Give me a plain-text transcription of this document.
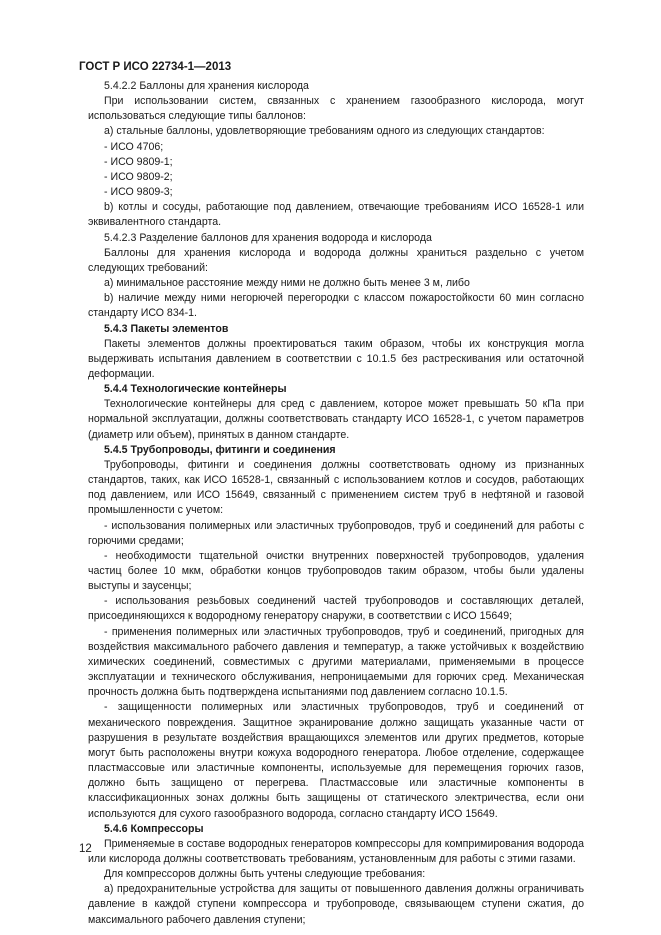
ГОСТ Р ИСО 22734-1—2013

5.4.2.2 Баллоны для хранения кислорода

При использовании систем, связанных с хранением газообразного кислорода, могут использоваться следующие типы баллонов:

а) стальные баллоны, удовлетворяющие требованиям одного из следующих стандартов:

- ИСО 4706;

- ИСО 9809-1;

- ИСО 9809-2;

- ИСО 9809-3;

b) котлы и сосуды, работающие под давлением, отвечающие требованиям ИСО 16528-1 или эквивалентного стандарта.

5.4.2.3 Разделение баллонов для хранения водорода и кислорода

Баллоны для хранения кислорода и водорода должны храниться раздельно с учетом следующих требований:

а) минимальное расстояние между ними не должно быть менее 3 м, либо

b) наличие между ними негорючей перегородки с классом пожаростойкости 60 мин согласно стандарту ИСО 834-1.

5.4.3 Пакеты элементов

Пакеты элементов должны проектироваться таким образом, чтобы их конструкция могла выдерживать испытания давлением в соответствии с 10.1.5 без растрескивания или остаточной деформации.

5.4.4 Технологические контейнеры

Технологические контейнеры для сред с давлением, которое может превышать 50 кПа при нормальной эксплуатации, должны соответствовать стандарту ИСО 16528-1, с учетом параметров (диаметр или объем), принятых в данном стандарте.

5.4.5 Трубопроводы, фитинги и соединения

Трубопроводы, фитинги и соединения должны соответствовать одному из признанных стандартов, таких, как ИСО 16528-1, связанный с использованием котлов и сосудов, работающих под давлением, или ИСО 15649, связанный с применением систем труб в нефтяной и газовой промышленности с учетом:

- использования полимерных или эластичных трубопроводов, труб и соединений для работы с горючими средами;

- необходимости тщательной очистки внутренних поверхностей трубопроводов, удаления частиц более 10 мкм, обработки концов трубопроводов таким образом, чтобы были удалены выступы и заусенцы;

- использования резьбовых соединений частей трубопроводов и составляющих деталей, присоединяющихся к водородному генератору снаружи, в соответствии с ИСО 15649;

- применения полимерных или эластичных трубопроводов, труб и соединений, пригодных для воздействия максимального рабочего давления и температур, а также устойчивых к воздействию химических соединений, совместимых с другими материалами, применяемыми в процессе эксплуатации и технического обслуживания, непроницаемыми для горючих сред. Механическая прочность должна быть подтверждена испытаниями под давлением согласно 10.1.5.

- защищенности полимерных или эластичных трубопроводов, труб и соединений от механического повреждения. Защитное экранирование должно защищать указанные части от разрушения в результате воздействия вращающихся элементов или других предметов, которые могут быть расположены внутри кожуха водородного генератора. Любое отделение, содержащее пластмассовые или эластичные компоненты, используемые для перемещения горючих газов, должно быть защищено от перегрева. Пластмассовые или эластичные компоненты в классификационных зонах должны быть защищены от статического электричества, если они используются для сухого газообразного водорода, согласно стандарту ИСО 15649.

5.4.6 Компрессоры

Применяемые в составе водородных генераторов компрессоры для компримирования водорода или кислорода должны соответствовать требованиям, установленным для работы с этими газами.

Для компрессоров должны быть учтены следующие требования:

а) предохранительные устройства для защиты от повышенного давления должны ограничивать давление в каждой ступени компрессора и трубопроводе, связывающем ступени сжатия, до максимального рабочего давления ступени;

12
